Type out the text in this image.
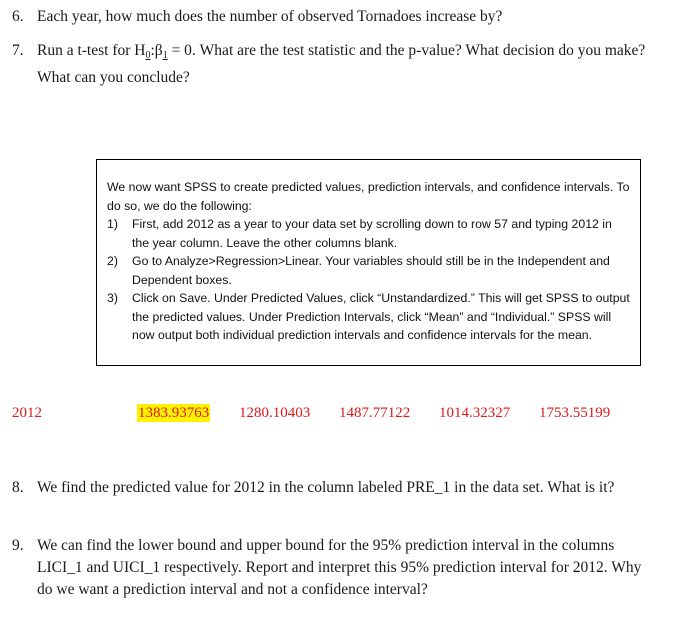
6. Each year, how much does the number of observed Tornadoes increase by?
7. Run a t-test for $H_0:\beta_1 = 0$. What are the test statistic and the p-value? What decision do you make? What can you conclude?
We now want SPSS to create predicted values, prediction intervals, and confidence intervals. To do so, we do the following:
1) First, add 2012 as a year to your data set by scrolling down to row 57 and typing 2012 in the year column. Leave the other columns blank.
2) Go to Analyze>Regression>Linear. Your variables should still be in the Independent and Dependent boxes.
3) Click on Save. Under Predicted Values, click “Unstandardized.” This will get SPSS to output the predicted values. Under Prediction Intervals, click “Mean” and “Individual.” SPSS will now output both individual prediction intervals and confidence intervals for the mean.
2012	1383.93763 1280.10403 1487.77122 1014.32327 1753.55199
8. We find the predicted value for 2012 in the column labeled PRE_1 in the data set. What is it?
9. We can find the lower bound and upper bound for the 95% prediction interval in the columns LICI_1 and UICI_1 respectively. Report and interpret this 95% prediction interval for 2012. Why do we want a prediction interval and not a confidence interval?
